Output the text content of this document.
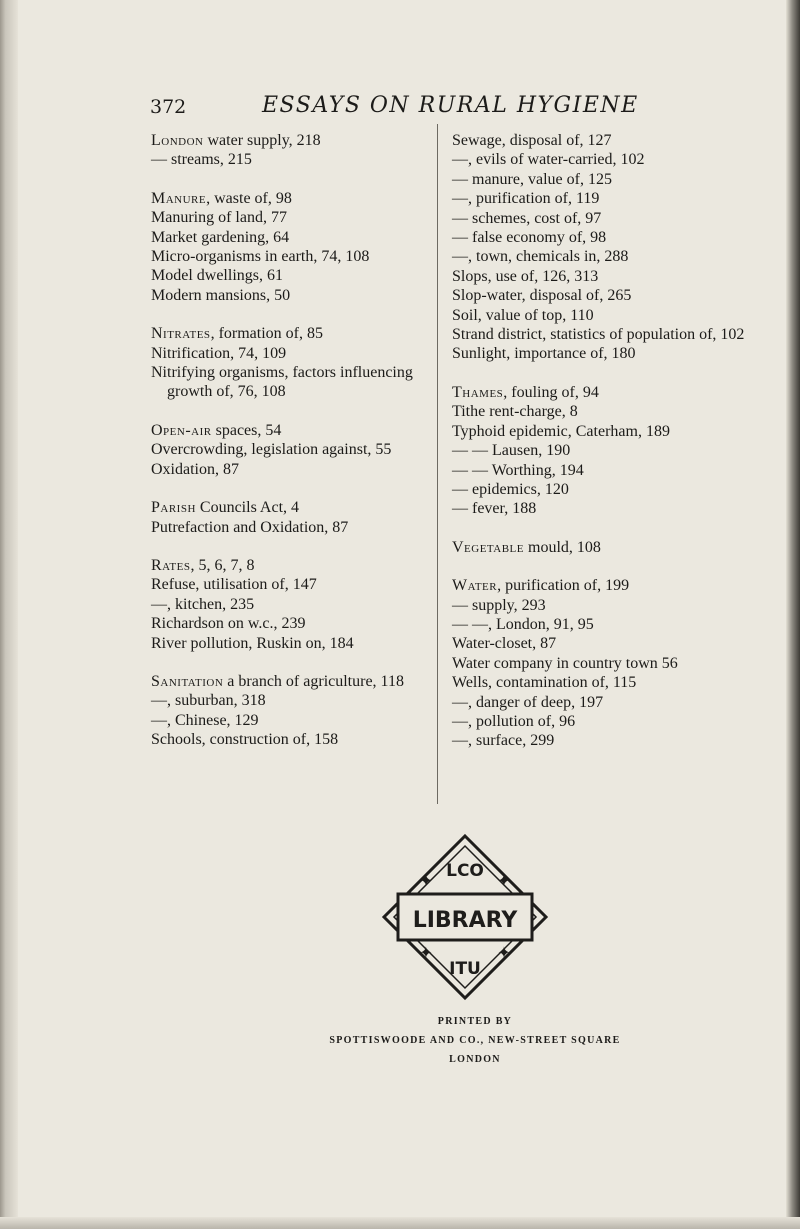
372	ESSAYS ON RURAL HYGIENE
London water supply, 218
— streams, 215
Manure, waste of, 98
Manuring of land, 77
Market gardening, 64
Micro-organisms in earth, 74, 108
Model dwellings, 61
Modern mansions, 50
Nitrates, formation of, 85
Nitrification, 74, 109
Nitrifying organisms, factors influencing growth of, 76, 108
Open-air spaces, 54
Overcrowding, legislation against, 55
Oxidation, 87
Parish Councils Act, 4
Putrefaction and Oxidation, 87
Rates, 5, 6, 7, 8
Refuse, utilisation of, 147
—, kitchen, 235
Richardson on w.c., 239
River pollution, Ruskin on, 184
Sanitation a branch of agriculture, 118
—, suburban, 318
—, Chinese, 129
Schools, construction of, 158
Sewage, disposal of, 127
—, evils of water-carried, 102
— manure, value of, 125
—, purification of, 119
— schemes, cost of, 97
— false economy of, 98
—, town, chemicals in, 288
Slops, use of, 126, 313
Slop-water, disposal of, 265
Soil, value of top, 110
Strand district, statistics of population of, 102
Sunlight, importance of, 180
Thames, fouling of, 94
Tithe rent-charge, 8
Typhoid epidemic, Caterham, 189
— — Lausen, 190
— — Worthing, 194
— epidemics, 120
— fever, 188
Vegetable mould, 108
Water, purification of, 199
— supply, 293
— —, London, 91, 95
Water-closet, 87
Water company in country town 56
Wells, contamination of, 115
—, danger of deep, 197
—, pollution of, 96
—, surface, 299
LIBRARY
LCO
ITU
✦	✦
✦	✦
PRINTED BY
SPOTTISWOODE AND CO., NEW-STREET SQUARE
LONDON
